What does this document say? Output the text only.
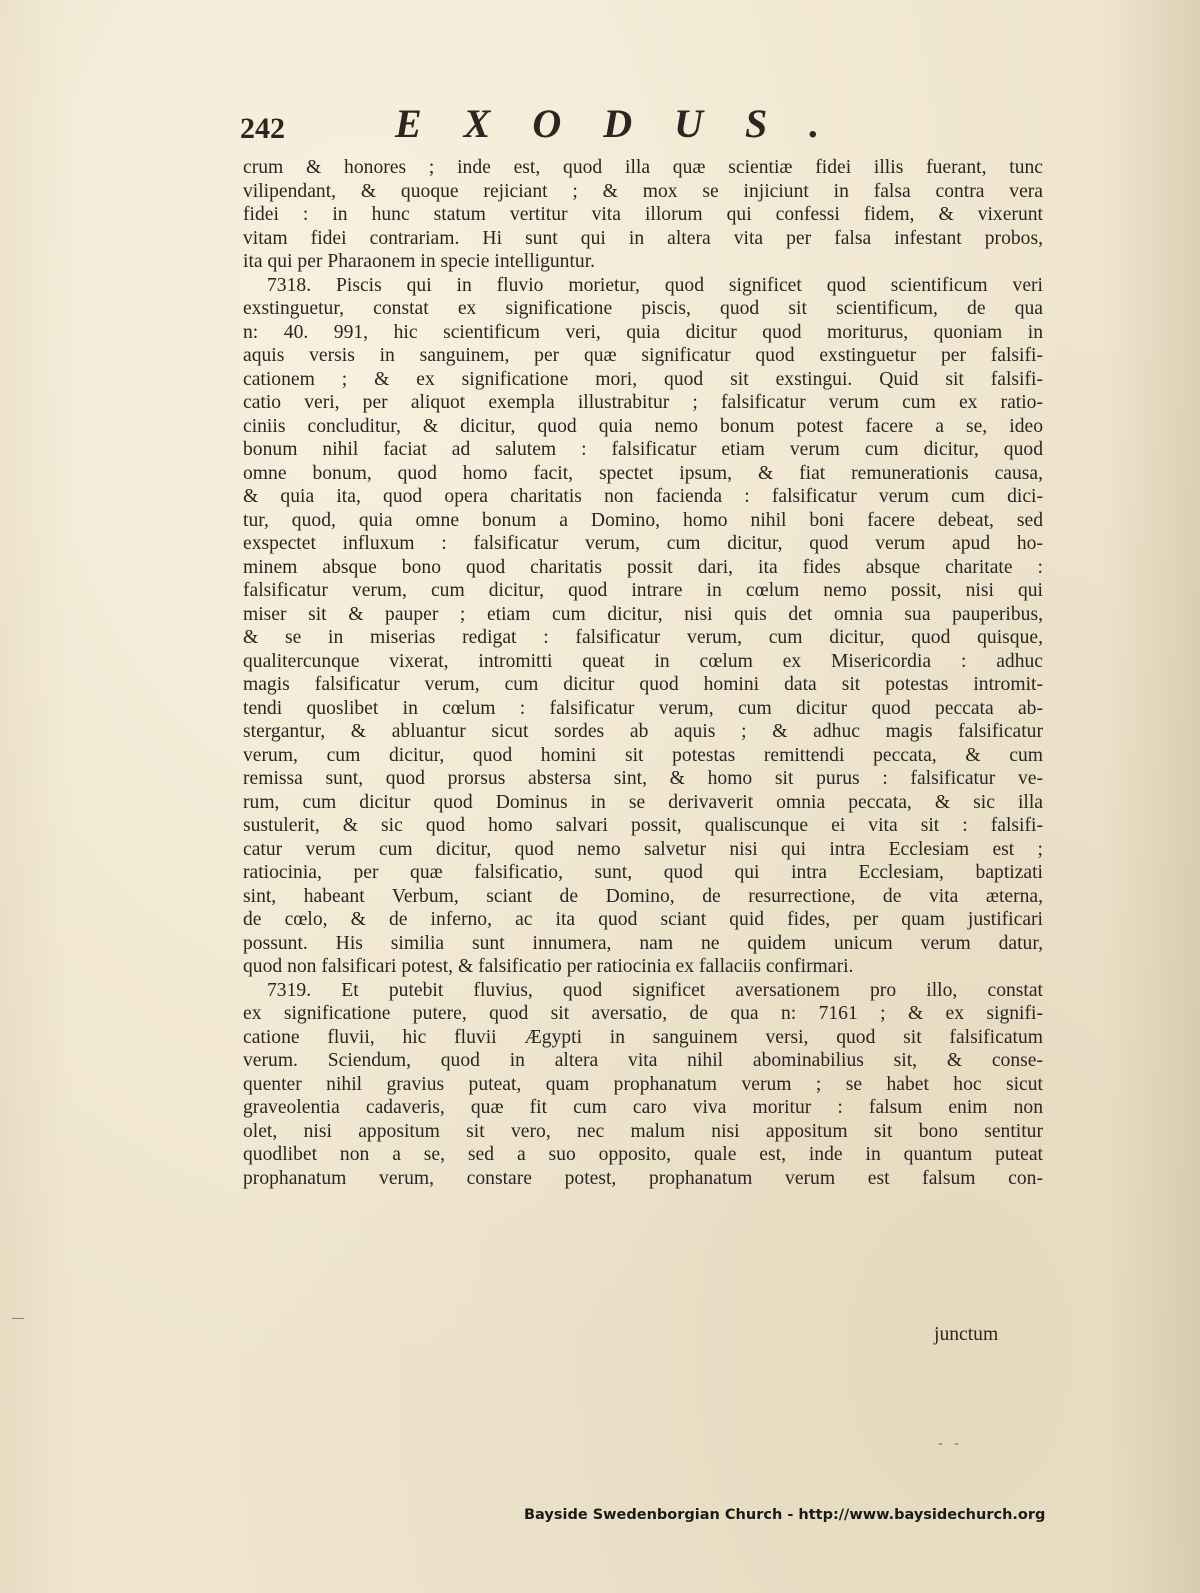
242	EXODUS.
crum & honores ; inde est, quod illa quæ scientiæ fidei illis fuerant, tunc
vilipendant, & quoque rejiciant ; & mox se injiciunt in falsa contra vera
fidei : in hunc statum vertitur vita illorum qui confessi fidem, & vixerunt
vitam fidei contrariam. Hi sunt qui in altera vita per falsa infestant probos,
ita qui per Pharaonem in specie intelliguntur.
7318. Piscis qui in fluvio morietur, quod significet quod scientificum veri
exstinguetur, constat ex significatione piscis, quod sit scientificum, de qua
n: 40. 991, hic scientificum veri, quia dicitur quod moriturus, quoniam in
aquis versis in sanguinem, per quæ significatur quod exstinguetur per falsifi-
cationem ; & ex significatione mori, quod sit exstingui. Quid sit falsifi-
catio veri, per aliquot exempla illustrabitur ; falsificatur verum cum ex ratio-
ciniis concluditur, & dicitur, quod quia nemo bonum potest facere a se, ideo
bonum nihil faciat ad salutem : falsificatur etiam verum cum dicitur, quod
omne bonum, quod homo facit, spectet ipsum, & fiat remunerationis causa,
& quia ita, quod opera charitatis non facienda : falsificatur verum cum dici-
tur, quod, quia omne bonum a Domino, homo nihil boni facere debeat, sed
exspectet influxum : falsificatur verum, cum dicitur, quod verum apud ho-
minem absque bono quod charitatis possit dari, ita fides absque charitate :
falsificatur verum, cum dicitur, quod intrare in cœlum nemo possit, nisi qui
miser sit & pauper ; etiam cum dicitur, nisi quis det omnia sua pauperibus,
& se in miserias redigat : falsificatur verum, cum dicitur, quod quisque,
qualitercunque vixerat, intromitti queat in cœlum ex Misericordia : adhuc
magis falsificatur verum, cum dicitur quod homini data sit potestas intromit-
tendi quoslibet in cœlum : falsificatur verum, cum dicitur quod peccata ab-
stergantur, & abluantur sicut sordes ab aquis ; & adhuc magis falsificatur
verum, cum dicitur, quod homini sit potestas remittendi peccata, & cum
remissa sunt, quod prorsus abstersa sint, & homo sit purus : falsificatur ve-
rum, cum dicitur quod Dominus in se derivaverit omnia peccata, & sic illa
sustulerit, & sic quod homo salvari possit, qualiscunque ei vita sit : falsifi-
catur verum cum dicitur, quod nemo salvetur nisi qui intra Ecclesiam est ;
ratiocinia, per quæ falsificatio, sunt, quod qui intra Ecclesiam, baptizati
sint, habeant Verbum, sciant de Domino, de resurrectione, de vita æterna,
de cœlo, & de inferno, ac ita quod sciant quid fides, per quam justificari
possunt. His similia sunt innumera, nam ne quidem unicum verum datur,
quod non falsificari potest, & falsificatio per ratiocinia ex fallaciis confirmari.
7319. Et putebit fluvius, quod significet aversationem pro illo, constat
ex significatione putere, quod sit aversatio, de qua n: 7161 ; & ex signifi-
catione fluvii, hic fluvii Ægypti in sanguinem versi, quod sit falsificatum
verum. Sciendum, quod in altera vita nihil abominabilius sit, & conse-
quenter nihil gravius puteat, quam prophanatum verum ; se habet hoc sicut
graveolentia cadaveris, quæ fit cum caro viva moritur : falsum enim non
olet, nisi appositum sit vero, nec malum nisi appositum sit bono sentitur
quodlibet non a se, sed a suo opposito, quale est, inde in quantum puteat
prophanatum verum, constare potest, prophanatum verum est falsum con-
junctum
- -
Bayside Swedenborgian Church - http://www.baysidechurch.org
